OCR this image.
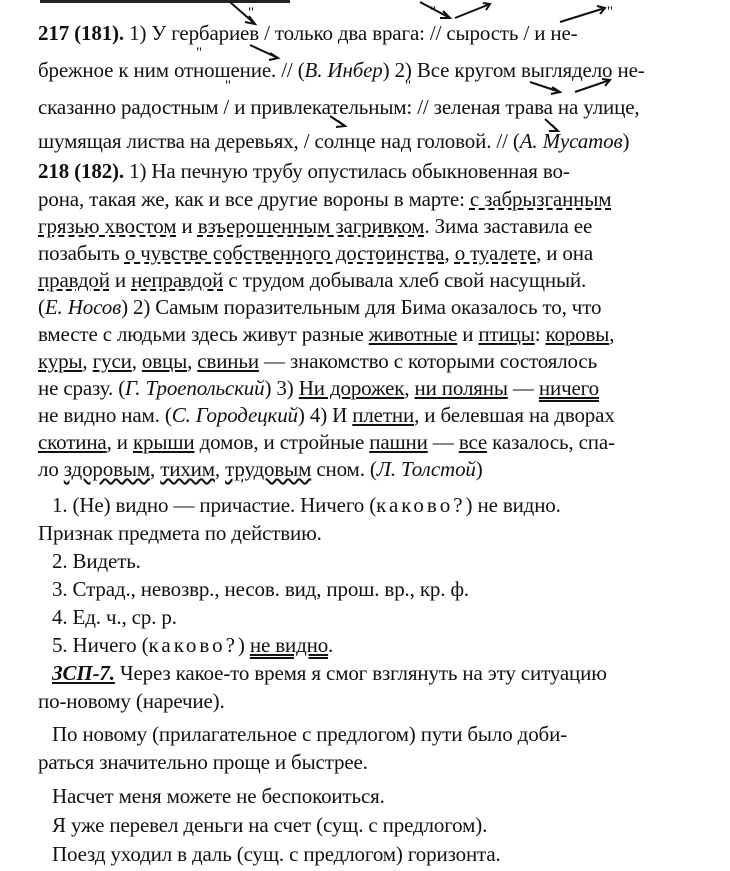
217 (181). 1) У гербариев / только два врага: // сырость / и не-
брежное к ним отношение. // (В. Инбер) 2) Все кругом выглядело не-
сказанно радостным / и привлекательным: // зеленая трава на улице,
шумящая листва на деревьях, / солнце над головой. // (А. Мусатов)
218 (182). 1) На печную трубу опустилась обыкновенная во-
рона, такая же, как и все другие вороны в марте: с забрызганным
грязью хвостом и взъерошенным загривком. Зима заставила ее
позабыть о чувстве собственного достоинства, о туалете, и она
правдой и неправдой с трудом добывала хлеб свой насущный.
(Е. Носов) 2) Самым поразительным для Бима оказалось то, что
вместе с людьми здесь живут разные животные и птицы: коровы,
куры, гуси, овцы, свиньи — знакомство с которыми состоялось
не сразу. (Г. Троепольский) 3) Ни дорожек, ни поляны — ничего
не видно нам. (С. Городецкий) 4) И плетни, и белевшая на дворах
скотина, и крыши домов, и стройные пашни — все казалось, спа-
ло здоровым, тихим, трудовым сном. (Л. Толстой)
1. (Не) видно — причастие. Ничего (каково?) не видно.
Признак предмета по действию.
2. Видеть.
3. Страд., невозвр., несов. вид, прош. вр., кр. ф.
4. Ед. ч., ср. р.
5. Ничего (каково?) не видно.
ЗСП-7. Через какое-то время я смог взглянуть на эту ситуацию
по-новому (наречие).
По новому (прилагательное с предлогом) пути было доби-
раться значительно проще и быстрее.
Насчет меня можете не беспокоиться.
Я уже перевел деньги на счет (сущ. с предлогом).
Поезд уходил в даль (сущ. с предлогом) горизонта.
"	"	"
"
"	"
